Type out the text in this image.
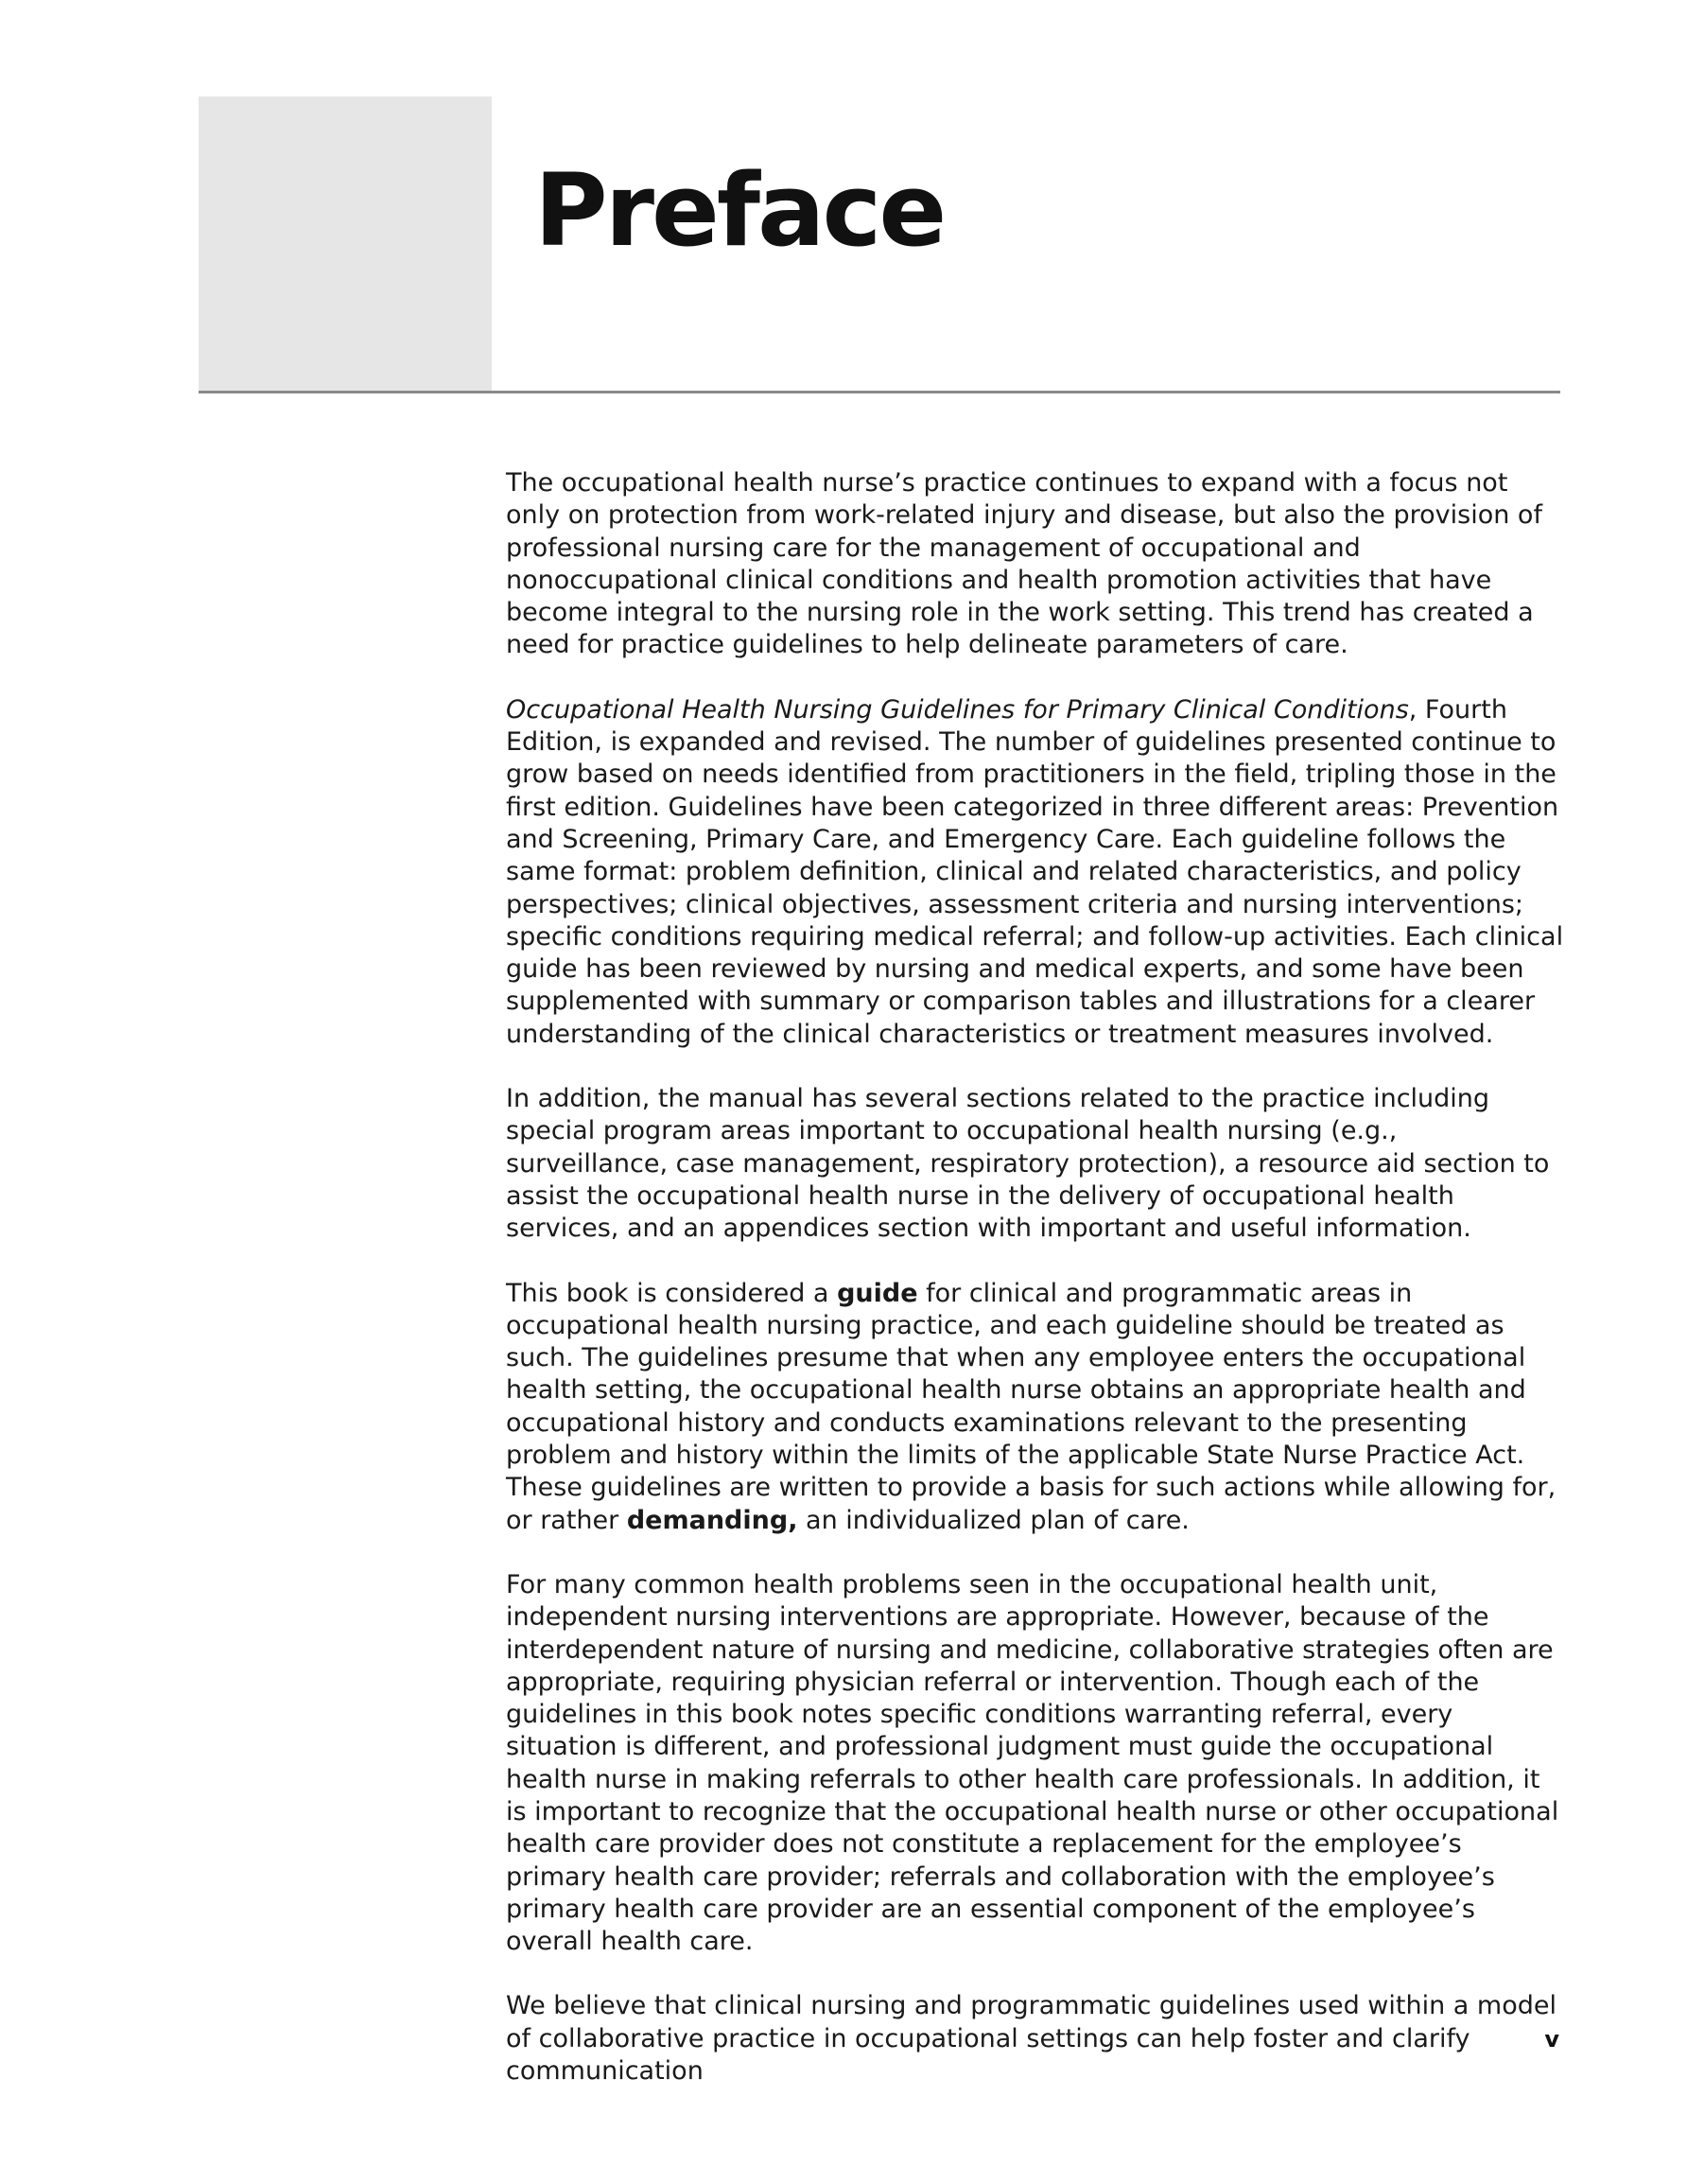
Preface

The occupational health nurse’s practice continues to expand with a focus not only on protection from work-related injury and disease, but also the provision of professional nursing care for the management of occupational and nonoccupational clinical conditions and health promotion activities that have become integral to the nursing role in the work setting. This trend has created a need for practice guidelines to help delineate parameters of care.

Occupational Health Nursing Guidelines for Primary Clinical Conditions, Fourth Edition, is expanded and revised. The number of guidelines presented continue to grow based on needs identified from practitioners in the field, tripling those in the first edition. Guidelines have been categorized in three different areas: Prevention and Screening, Primary Care, and Emergency Care. Each guideline follows the same format: problem definition, clinical and related characteristics, and policy perspectives; clinical objectives, assessment criteria and nursing interventions; specific conditions requiring medical referral; and follow-up activities. Each clinical guide has been reviewed by nursing and medical experts, and some have been supplemented with summary or comparison tables and illustrations for a clearer understanding of the clinical characteristics or treatment measures involved.

In addition, the manual has several sections related to the practice including special program areas important to occupational health nursing (e.g., surveillance, case management, respiratory protection), a resource aid section to assist the occupational health nurse in the delivery of occupational health services, and an appendices section with important and useful information.

This book is considered a guide for clinical and programmatic areas in occupational health nursing practice, and each guideline should be treated as such. The guidelines presume that when any employee enters the occupational health setting, the occupational health nurse obtains an appropriate health and occupational history and conducts examinations relevant to the presenting problem and history within the limits of the applicable State Nurse Practice Act. These guidelines are written to provide a basis for such actions while allowing for, or rather demanding, an individualized plan of care.

For many common health problems seen in the occupational health unit, independent nursing interventions are appropriate. However, because of the interdependent nature of nursing and medicine, collaborative strategies often are appropriate, requiring physician referral or intervention. Though each of the guidelines in this book notes specific conditions warranting referral, every situation is different, and professional judgment must guide the occupational health nurse in making referrals to other health care professionals. In addition, it is important to recognize that the occupational health nurse or other occupational health care provider does not constitute a replacement for the employee’s primary health care provider; referrals and collaboration with the employee’s primary health care provider are an essential component of the employee’s overall health care.

We believe that clinical nursing and programmatic guidelines used within a model of collaborative practice in occupational settings can help foster and clarify communication

v
